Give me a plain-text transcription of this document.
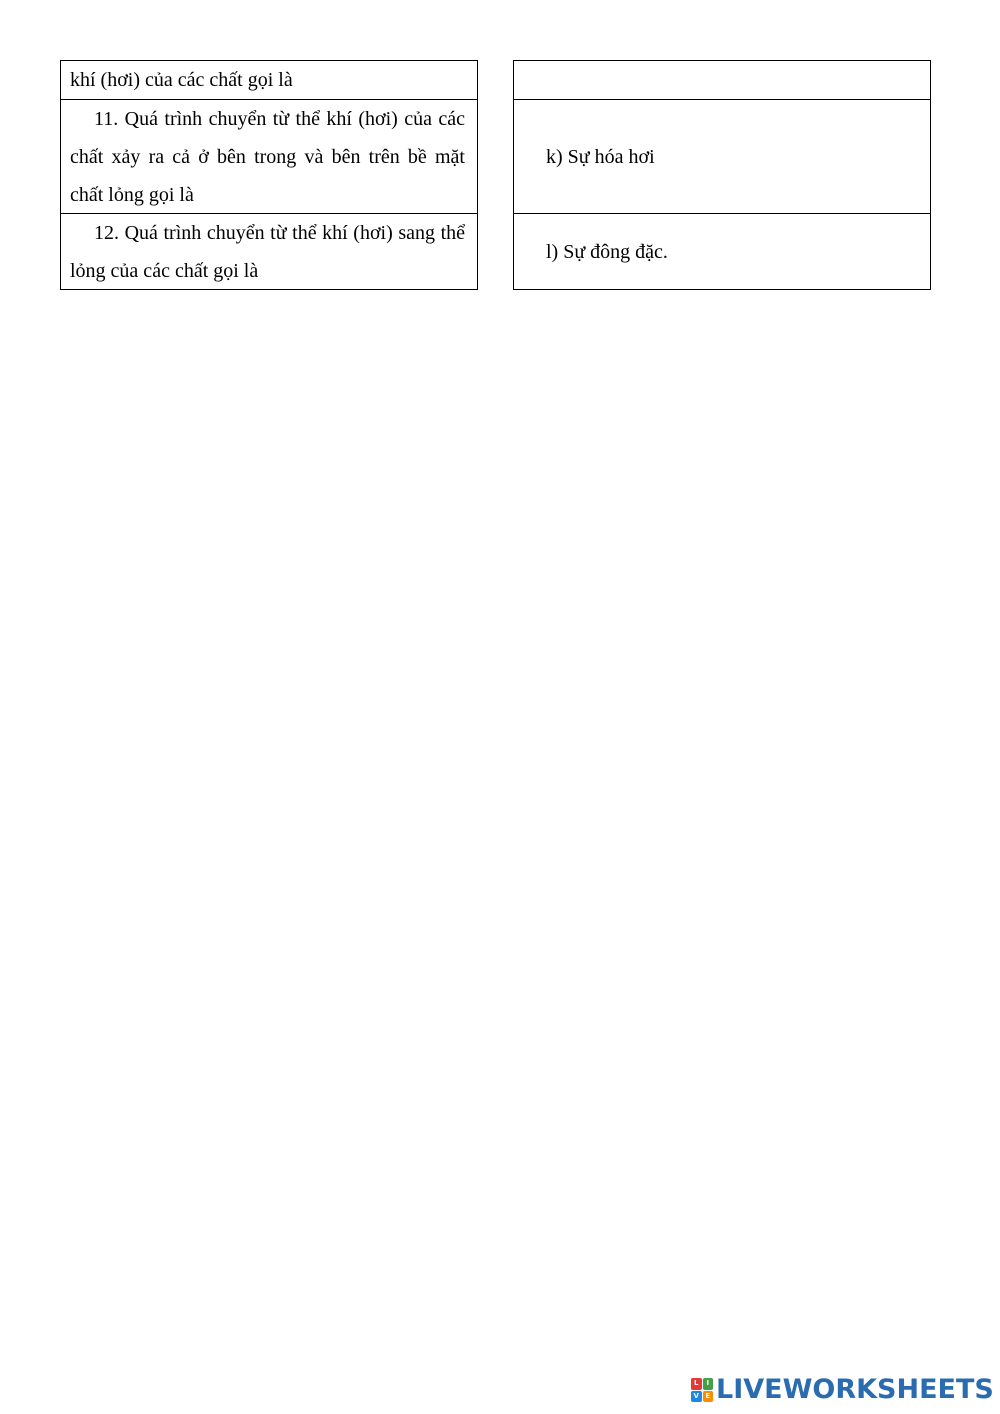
khí (hơi) của các chất gọi là
11. Quá trình chuyển từ thể khí (hơi) của các chất xảy ra cả ở bên trong và bên trên bề mặt chất lỏng gọi là
12. Quá trình chuyển từ thể khí (hơi) sang thể lỏng của các chất gọi là
k) Sự hóa hơi
l) Sự đông đặc.
L	I
V E LIVEWORKSHEETS
